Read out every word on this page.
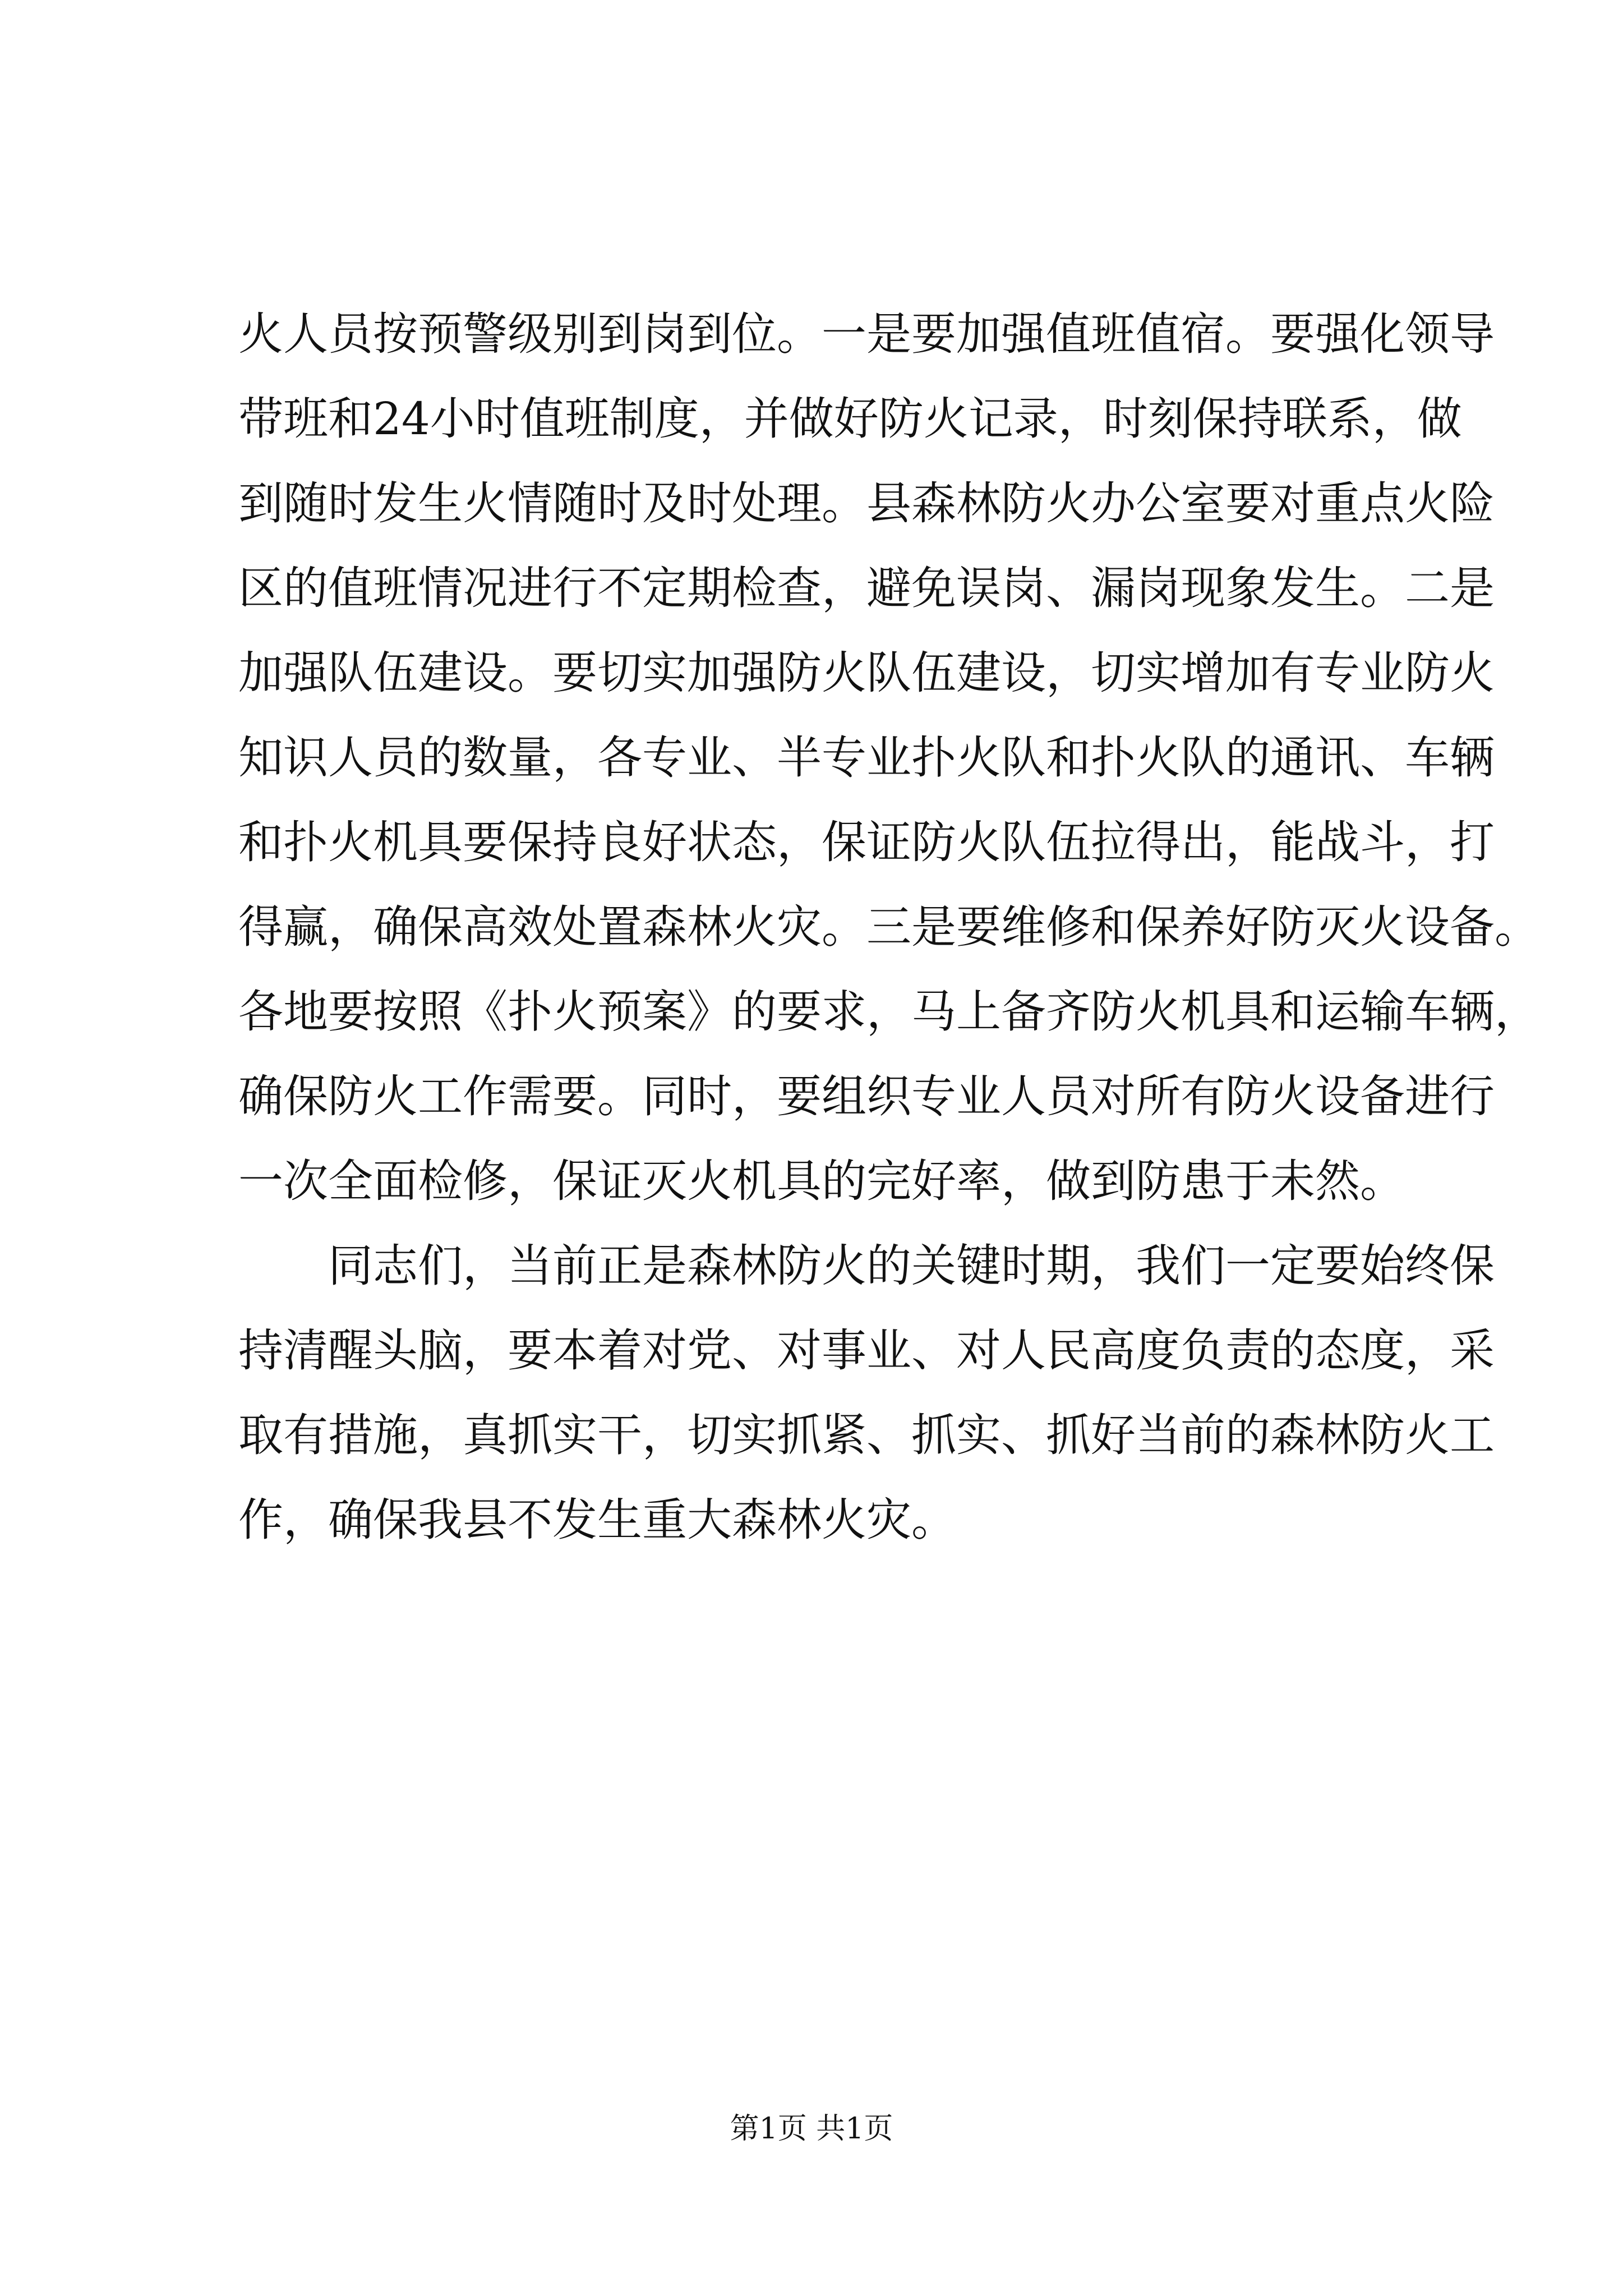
火人员按预警级别到岗到位。一是要加强值班值宿。要强化领导
带班和24小时值班制度，并做好防火记录，时刻保持联系，做
到随时发生火情随时及时处理。县森林防火办公室要对重点火险
区的值班情况进行不定期检查，避免误岗、漏岗现象发生。二是
加强队伍建设。要切实加强防火队伍建设，切实增加有专业防火
知识人员的数量，各专业、半专业扑火队和扑火队的通讯、车辆
和扑火机具要保持良好状态，保证防火队伍拉得出，能战斗，打
得赢，确保高效处置森林火灾。三是要维修和保养好防灭火设备。
各地要按照《扑火预案》的要求，马上备齐防火机具和运输车辆，
确保防火工作需要。同时，要组织专业人员对所有防火设备进行
一次全面检修，保证灭火机具的完好率，做到防患于未然。
同志们，当前正是森林防火的关键时期，我们一定要始终保
持清醒头脑，要本着对党、对事业、对人民高度负责的态度，采
取有措施，真抓实干，切实抓紧、抓实、抓好当前的森林防火工
作，确保我县不发生重大森林火灾。
第1页 共1页
